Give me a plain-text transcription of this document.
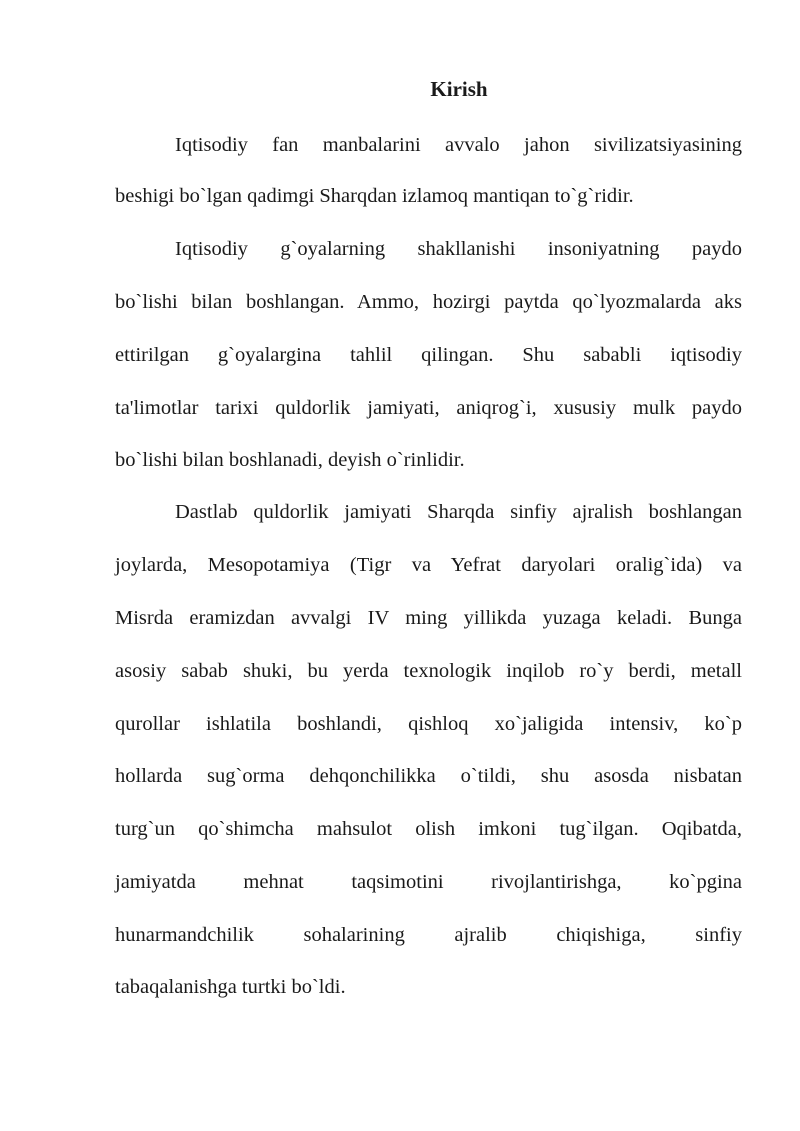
Kirish

Iqtisodiy fan manbalarini avvalo jahon sivilizatsiyasining

beshigi bo`lgan qadimgi Sharqdan izlamoq mantiqan to`g`ridir.

Iqtisodiy g`oyalarning shakllanishi insoniyatning paydo

bo`lishi bilan boshlangan. Ammo, hozirgi paytda qo`lyozmalarda aks

ettirilgan g`oyalargina tahlil qilingan. Shu sababli iqtisodiy

ta'limotlar tarixi quldorlik jamiyati, aniqrog`i, xususiy mulk paydo

bo`lishi bilan boshlanadi, deyish o`rinlidir.

Dastlab quldorlik jamiyati Sharqda sinfiy ajralish boshlangan

joylarda, Mesopotamiya (Tigr va Yefrat daryolari oralig`ida) va

Misrda eramizdan avvalgi IV ming yillikda yuzaga keladi. Bunga

asosiy sabab shuki, bu yerda texnologik inqilob ro`y berdi, metall

qurollar ishlatila boshlandi, qishloq xo`jaligida intensiv, ko`p

hollarda sug`orma dehqonchilikka o`tildi, shu asosda nisbatan

turg`un qo`shimcha mahsulot olish imkoni tug`ilgan. Oqibatda,

jamiyatda mehnat taqsimotini rivojlantirishga, ko`pgina

hunarmandchilik sohalarining ajralib chiqishiga, sinfiy

tabaqalanishga turtki bo`ldi.
